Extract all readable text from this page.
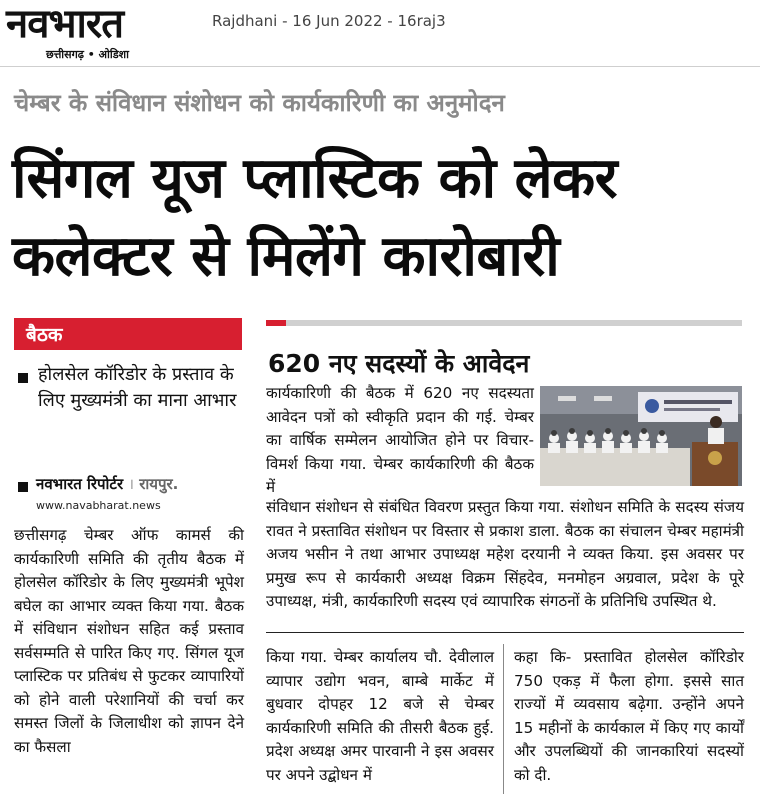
नवभारत
छत्तीसगढ़ • ओडिशा
Rajdhani - 16 Jun 2022 - 16raj3
चेम्बर के संविधान संशोधन को कार्यकारिणी का अनुमोदन
सिंगल यूज प्लास्टिक को लेकर
कलेक्टर से मिलेंगे कारोबारी
बैठक
होलसेल कॉरिडोर के प्रस्ताव के लिए मुख्यमंत्री का माना आभार
नवभारत रिपोर्टर । रायपुर.
www.navabharat.news
छत्तीसगढ़ चेम्बर ऑफ कामर्स की कार्यकारिणी समिति की तृतीय बैठक में होलसेल कॉरिडोर के लिए मुख्यमंत्री भूपेश बघेल का आभार व्यक्त किया गया. बैठक में संविधान संशोधन सहित कई प्रस्ताव सर्वसम्मति से पारित किए गए. सिंगल यूज प्लास्टिक पर प्रतिबंध से फुटकर व्यापारियों को होने वाली परेशानियों की चर्चा कर समस्त जिलों के जिलाधीश को ज्ञापन देने का फैसला
620 नए सदस्यों के आवेदन
कार्यकारिणी की बैठक में 620 नए सदस्यता आवेदन पत्रों को स्वीकृति प्रदान की गई. चेम्बर का वार्षिक सम्मेलन आयोजित होने पर विचार-विमर्श किया गया. चेम्बर कार्यकारिणी की बैठक में
संविधान संशोधन से संबंधित विवरण प्रस्तुत किया गया. संशोधन समिति के सदस्य संजय रावत ने प्रस्तावित संशोधन पर विस्तार से प्रकाश डाला. बैठक का संचालन चेम्बर महामंत्री अजय भसीन ने तथा आभार उपाध्यक्ष महेश दरयानी ने व्यक्त किया. इस अवसर पर प्रमुख रूप से कार्यकारी अध्यक्ष विक्रम सिंहदेव, मनमोहन अग्रवाल, प्रदेश के पूरे उपाध्यक्ष, मंत्री, कार्यकारिणी सदस्य एवं व्यापारिक संगठनों के प्रतिनिधि उपस्थित थे.
किया गया. चेम्बर कार्यालय चौ. देवीलाल व्यापार उद्योग भवन, बाम्बे मार्केट में बुधवार दोपहर 12 बजे से चेम्बर कार्यकारिणी समिति की तीसरी बैठक हुई. प्रदेश अध्यक्ष अमर पारवानी ने इस अवसर पर अपने उद्बोधन में
कहा कि- प्रस्तावित होलसेल कॉरिडोर 750 एकड़ में फैला होगा. इससे सात राज्यों में व्यवसाय बढ़ेगा. उन्होंने अपने 15 महीनों के कार्यकाल में किए गए कार्यों और उपलब्धियों की जानकारियां सदस्यों को दी.
